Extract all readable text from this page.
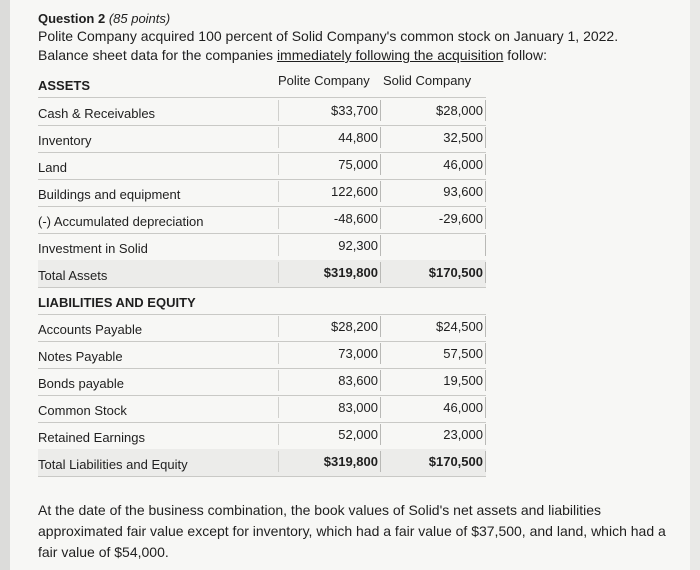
Question 2 (85 points)
Polite Company acquired 100 percent of Solid Company's common stock on January 1, 2022.
Balance sheet data for the companies immediately following the acquisition follow:
ASSETS	Polite Company Solid Company
Cash & Receivables	$33,700	$28,000
Inventory	44,800	32,500
Land	75,000	46,000
Buildings and equipment	122,600	93,600
(-) Accumulated depreciation	-48,600	-29,600
Investment in Solid	92,300
Total Assets	$319,800	$170,500
LIABILITIES AND EQUITY
Accounts Payable	$28,200	$24,500
Notes Payable	73,000	57,500
Bonds payable	83,600	19,500
Common Stock	83,000	46,000
Retained Earnings	52,000	23,000
Total Liabilities and Equity	$319,800	$170,500
At the date of the business combination, the book values of Solid's net assets and liabilities approximated fair value except for inventory, which had a fair value of $37,500, and land, which had a fair value of $54,000.
